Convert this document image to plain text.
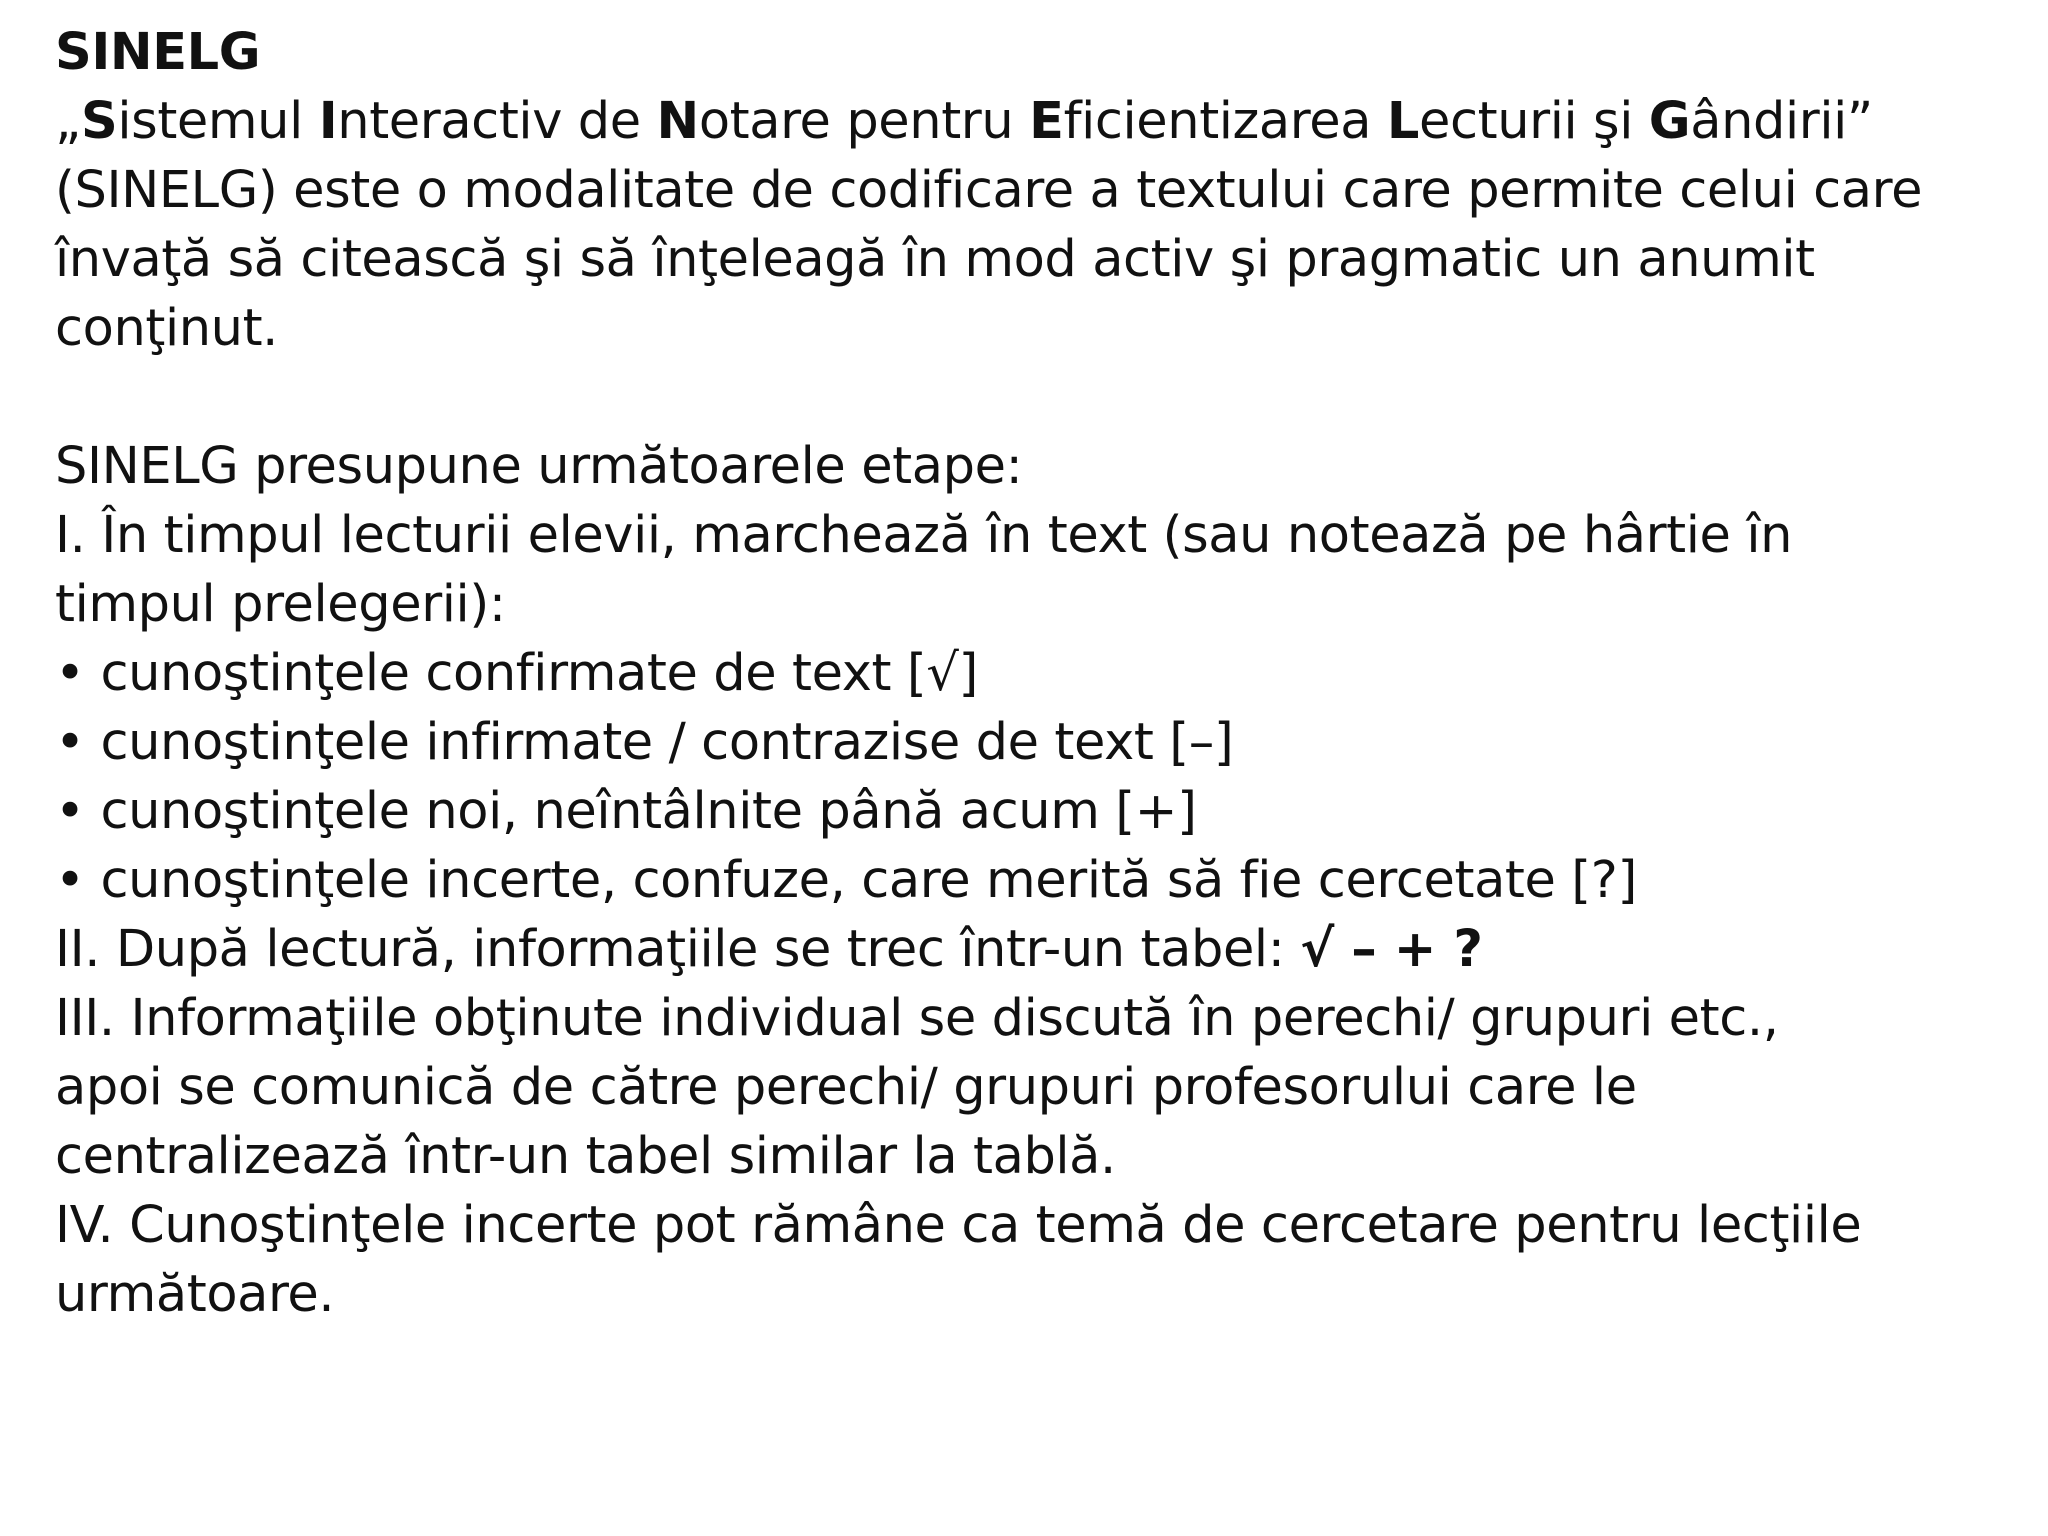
SINELG
„Sistemul Interactiv de Notare pentru Eficientizarea Lecturii şi Gândirii”
(SINELG) este o modalitate de codificare a textului care permite celui care
învaţă să citească şi să înţeleagă în mod activ şi pragmatic un anumit
conţinut.
SINELG presupune următoarele etape:
I. În timpul lecturii elevii, marchează în text (sau notează pe hârtie în
timpul prelegerii):
• cunoştinţele confirmate de text [√]
• cunoştinţele infirmate / contrazise de text [–]
• cunoştinţele noi, neîntâlnite până acum [+]
• cunoştinţele incerte, confuze, care merită să fie cercetate [?]
II. După lectură, informaţiile se trec într-un tabel: √ – + ?
III. Informaţiile obţinute individual se discută în perechi/ grupuri etc.,
apoi se comunică de către perechi/ grupuri profesorului care le
centralizează într-un tabel similar la tablă.
IV. Cunoştinţele incerte pot rămâne ca temă de cercetare pentru lecţiile
următoare.
